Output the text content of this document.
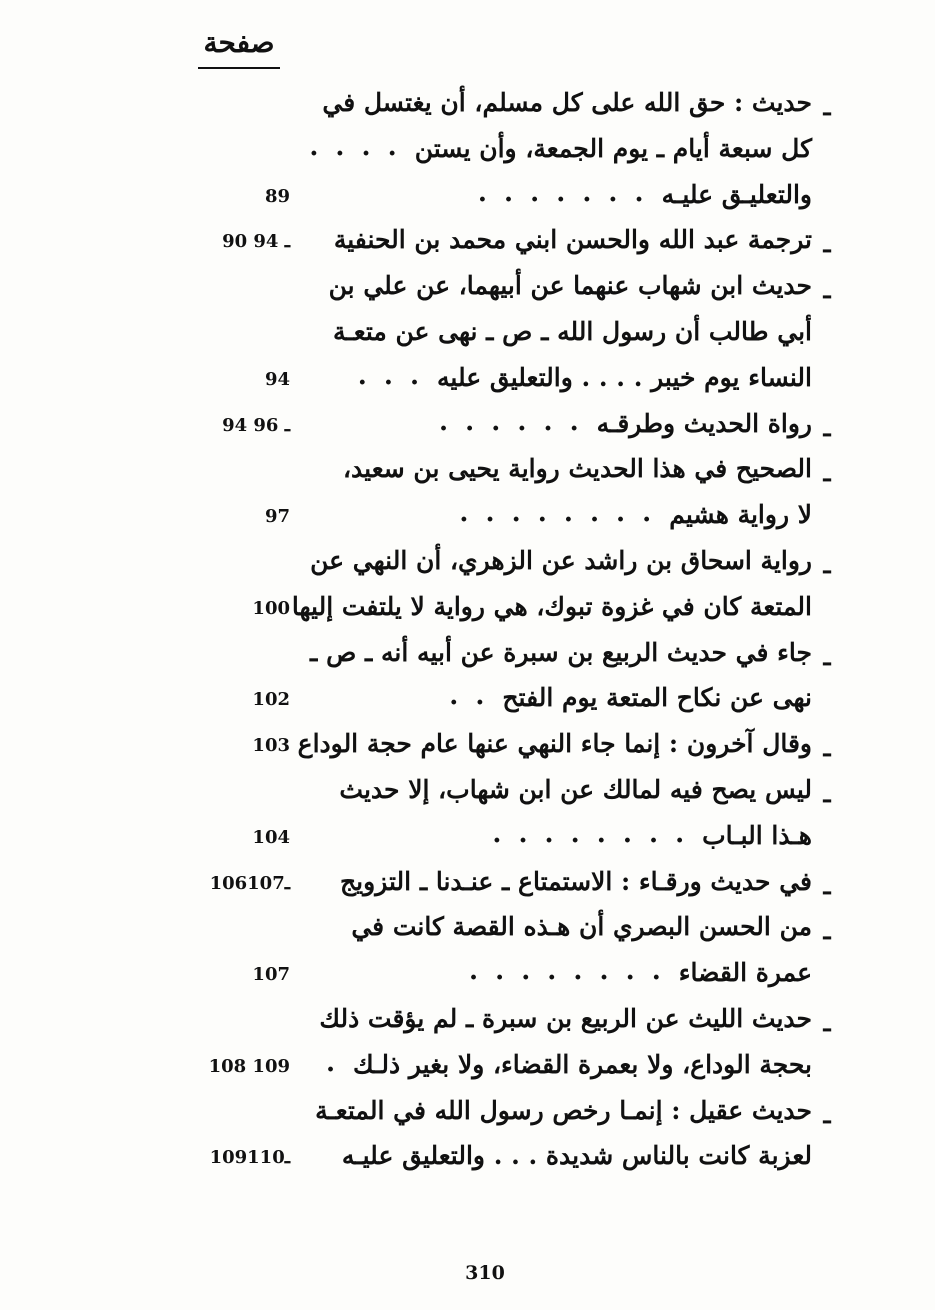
صفحة
ـ
حديث : حق الله على كل مسلم، أن يغتسل في
كل سبعة أيام ـ يوم الجمعة، وأن يستن
. . . .
والتعليـق عليـه
. . . . . . .
89
ـ
ترجمة عبد الله والحسن ابني محمد بن الحنفية
90 ـ 94
ـ
حديث ابن شهاب عنهما عن أبيهما، عن علي بن
أبي طالب أن رسول الله ـ ص ـ نهى عن متعـة
النساء يوم خيبر . . . . والتعليق عليه
. . .
94
ـ
رواة الحديث وطرقـه
. . . . . .
94 ـ 96
ـ
الصحيح في هذا الحديث رواية يحيى بن سعيد،
لا رواية هشيم
. . . . . . . .
97
ـ
رواية اسحاق بن راشد عن الزهري، أن النهي عن
المتعة كان في غزوة تبوك، هي رواية لا يلتفت إليها
100
ـ
جاء في حديث الربيع بن سبرة عن أبيه أنه ـ ص ـ
نهى عن نكاح المتعة يوم الفتح
. .
102
ـ
وقال آخرون : إنما جاء النهي عنها عام حجة الوداع
103
ـ
ليس يصح فيه لمالك عن ابن شهاب، إلا حديث
هـذا البـاب
. . . . . . . .
104
ـ
في حديث ورقـاء : الاستمتاع ـ عنـدنا ـ التزويج
106ـ107
ـ
من الحسن البصري أن هـذه القصة كانت في
عمرة القضاء
. . . . . . . .
107
ـ
حديث الليث عن الربيع بن سبرة ـ لم يؤقت ذلك
بحجة الوداع، ولا بعمرة القضاء، ولا بغير ذلـك
.
108 109
ـ
حديث عقيل : إنمـا رخص رسول الله في المتعـة
لعزبة كانت بالناس شديدة . . . والتعليق عليـه
109ـ110
310
